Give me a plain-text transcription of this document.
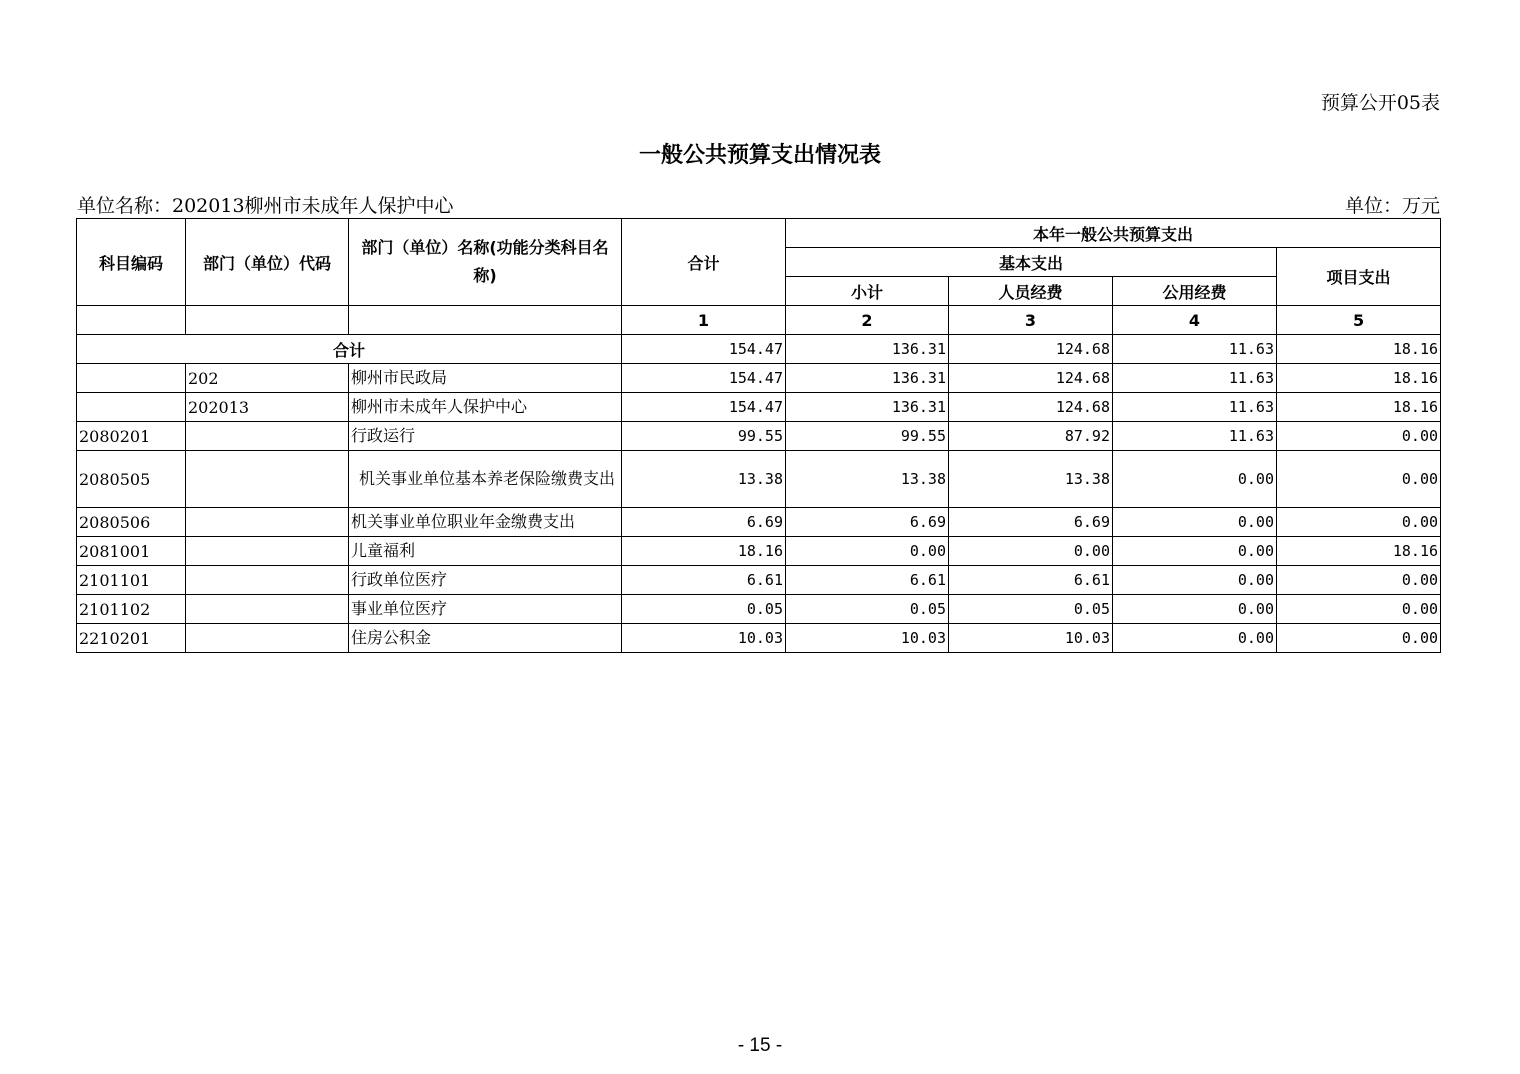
预算公开05表
一般公共预算支出情况表
单位名称：202013柳州市未成年人保护中心	单位：万元
科目编码	部门（单位）代码	部门（单位）名称(功能分类科目名称)	合计	本年一般公共预算支出			
				基本支出			项目支出
				小计	人员经费	公用经费	
			1	2	3	4	5
合计			154.47	136.31	124.68	11.63	18.16
	202	柳州市民政局	154.47	136.31	124.68	11.63	18.16
	202013	柳州市未成年人保护中心	154.47	136.31	124.68	11.63	18.16
2080201		行政运行	99.55	99.55	87.92	11.63	0.00
2080505		机关事业单位基本养老保险缴费支出	13.38	13.38	13.38	0.00	0.00
2080506		机关事业单位职业年金缴费支出	6.69	6.69	6.69	0.00	0.00
2081001		儿童福利	18.16	0.00	0.00	0.00	18.16
2101101		行政单位医疗	6.61	6.61	6.61	0.00	0.00
2101102		事业单位医疗	0.05	0.05	0.05	0.00	0.00
2210201		住房公积金	10.03	10.03	10.03	0.00	0.00
- 15 -
